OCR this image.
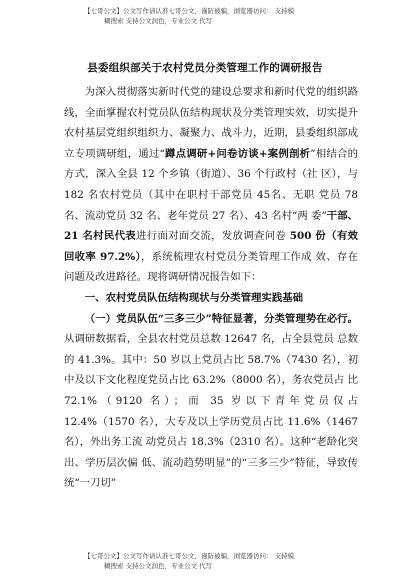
【七哥公文】公文写作请认准七哥公文，谨防被骗，浏览器访问： 支持模
糊搜索 支持公文润色，专业公文 代写
县委组织部关于农村党员分类管理工作的调研报告

为深入贯彻落实新时代党的建设总要求和新时代党的组织路线，全面掌握农村党员队伍结构现状及分类管理实效，切实提升农村基层党组织组织力、凝聚力、战斗力，近期，县委组织部成立专项调研组，通过“蹲点调研+问卷访谈+案例剖析”相结合的方式，深入全县 12 个乡镇（街道）、36 个行政村（社 区），与 182 名农村党员（其中在职村干部党员 45名、无职 党员 78 名、流动党员 32 名、老年党员 27 名）、43 名村“两 委”干部、21 名村民代表进行面对面交流，发放调查问卷 500 份（有效回收率 97.2%），系统梳理农村党员分类管理工作成 效、存在问题及改进路径。现将调研情况报告如下：

一、农村党员队伍结构现状与分类管理实践基础

（一）党员队伍“三多三少”特征显著，分类管理势在必行。从调研数据看，全县农村党员总数 12647 名，占全县党员 总数的 41.3%。其中：50 岁以上党员占比 58.7%（7430 名），初中及以下文化程度党员占比 63.2%（8000 名），务农党员占 比 72.1%（9120 名）；而 35 岁以下青年党员仅占 12.4%（1570 名），大专及以上学历党员占比 11.6%（1467 名），外出务工流 动党员占 18.3%（2310 名）。这种“老龄化突出、学历层次偏 低、流动趋势明显”的“三多三少”特征，导致传统“一刀切”

【七哥公文】公文写作请认准七哥公文，谨防被骗，浏览器访问： 支持模
糊搜索 支持公文润色，专业公文 代写
